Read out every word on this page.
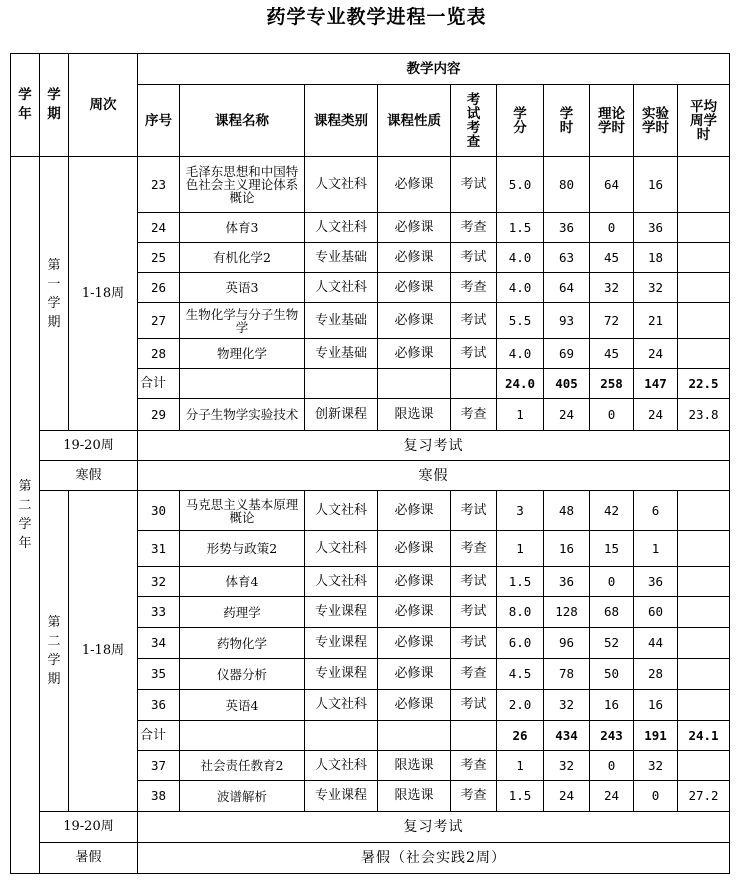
药学专业教学进程一览表
学年	学期	周次	教学内容									
			序号	课程名称	课程类别	课程性质	考试考查	学分	学时	理论学时	实验学时	平均周学时
第二学年	第一学期	1-18周	23	毛泽东思想和中国特色社会主义理论体系概论	人文社科	必修课	考试	5.0	80	64	16	
			24	体育3	人文社科	必修课	考查	1.5	36	0	36	
			25	有机化学2	专业基础	必修课	考试	4.0	63	45	18	
			26	英语3	人文社科	必修课	考查	4.0	64	32	32	
			27	生物化学与分子生物学	专业基础	必修课	考试	5.5	93	72	21	
			28	物理化学	专业基础	必修课	考试	4.0	69	45	24	
			合计					24.0	405	258	147	22.5
			29	分子生物学实验技术	创新课程	限选课	考查	1	24	0	24	23.8
	19-20周		复习考试									
	寒假		寒假									
	第二学期	1-18周	30	马克思主义基本原理概论	人文社科	必修课	考试	3	48	42	6	
			31	形势与政策2	人文社科	必修课	考查	1	16	15	1	
			32	体育4	人文社科	必修课	考试	1.5	36	0	36	
			33	药理学	专业课程	必修课	考试	8.0	128	68	60	
			34	药物化学	专业课程	必修课	考试	6.0	96	52	44	
			35	仪器分析	专业课程	必修课	考查	4.5	78	50	28	
			36	英语4	人文社科	必修课	考试	2.0	32	16	16	
			合计					26	434	243	191	24.1
			37	社会责任教育2	人文社科	限选课	考查	1	32	0	32	
			38	波谱解析	专业课程	限选课	考查	1.5	24	24	0	27.2
	19-20周		复习考试									
	暑假		暑假（社会实践2周）									
